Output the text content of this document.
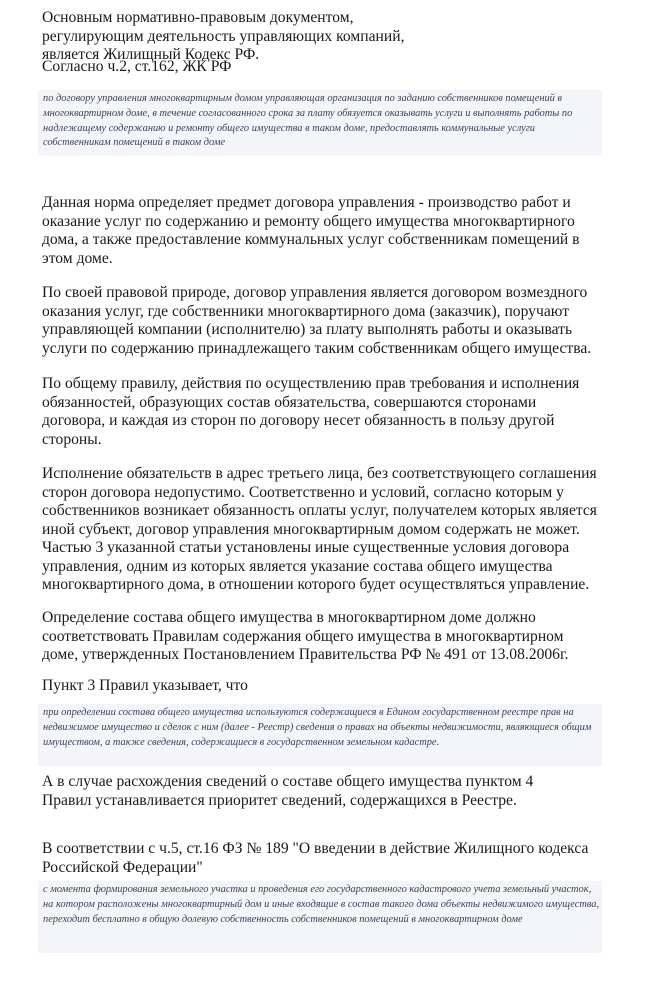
Основным нормативно-правовым документом, регулирующим деятельность управляющих компаний, является Жилищный Кодекс РФ.

Согласно ч.2, ст.162, ЖК РФ

по договору управления многоквартирным домом управляющая организация по заданию собственников помещений в многоквартирном доме, в течение согласованного срока за плату обязуется оказывать услуги и выполнять работы по надлежащему содержанию и ремонту общего имущества в таком доме, предоставлять коммунальные услуги собственникам помещений в таком доме

Данная норма определяет предмет договора управления - производство работ и оказание услуг по содержанию и ремонту общего имущества многоквартирного дома, а также предоставление коммунальных услуг собственникам помещений в этом доме.

По своей правовой природе, договор управления является договором возмездного оказания услуг, где собственники многоквартирного дома (заказчик), поручают управляющей компании (исполнителю) за плату выполнять работы и оказывать услуги по содержанию принадлежащего таким собственникам общего имущества.

По общему правилу, действия по осуществлению прав требования и исполнения обязанностей, образующих состав обязательства, совершаются сторонами договора, и каждая из сторон по договору несет обязанность в пользу другой стороны.

Исполнение обязательств в адрес третьего лица, без соответствующего соглашения сторон договора недопустимо. Соответственно и условий, согласно которым у собственников возникает обязанность оплаты услуг, получателем которых является иной субъект, договор управления многоквартирным домом содержать не может. Частью 3 указанной статьи установлены иные существенные условия договора управления, одним из которых является указание состава общего имущества многоквартирного дома, в отношении которого будет осуществляться управление.

Определение состава общего имущества в многоквартирном доме должно соответствовать Правилам содержания общего имущества в многоквартирном доме, утвержденных Постановлением Правительства РФ № 491 от 13.08.2006г.

Пункт 3 Правил указывает, что

при определении состава общего имущества используются содержащиеся в Едином государственном реестре прав на недвижимое имущество и сделок с ним (далее - Реестр) сведения о правах на объекты недвижимости, являющиеся общим имуществом, а также сведения, содержащиеся в государственном земельном кадастре.

А в случае расхождения сведений о составе общего имущества пунктом 4 Правил устанавливается приоритет сведений, содержащихся в Реестре.

В соответствии с ч.5, ст.16 ФЗ № 189 "О введении в действие Жилищного кодекса Российской Федерации"

с момента формирования земельного участка и проведения его государственного кадастрового учета земельный участок, на котором расположены многоквартирный дом и иные входящие в состав такого дома объекты недвижимого имущества, переходит бесплатно в общую долевую собственность собственников помещений в многоквартирном доме
